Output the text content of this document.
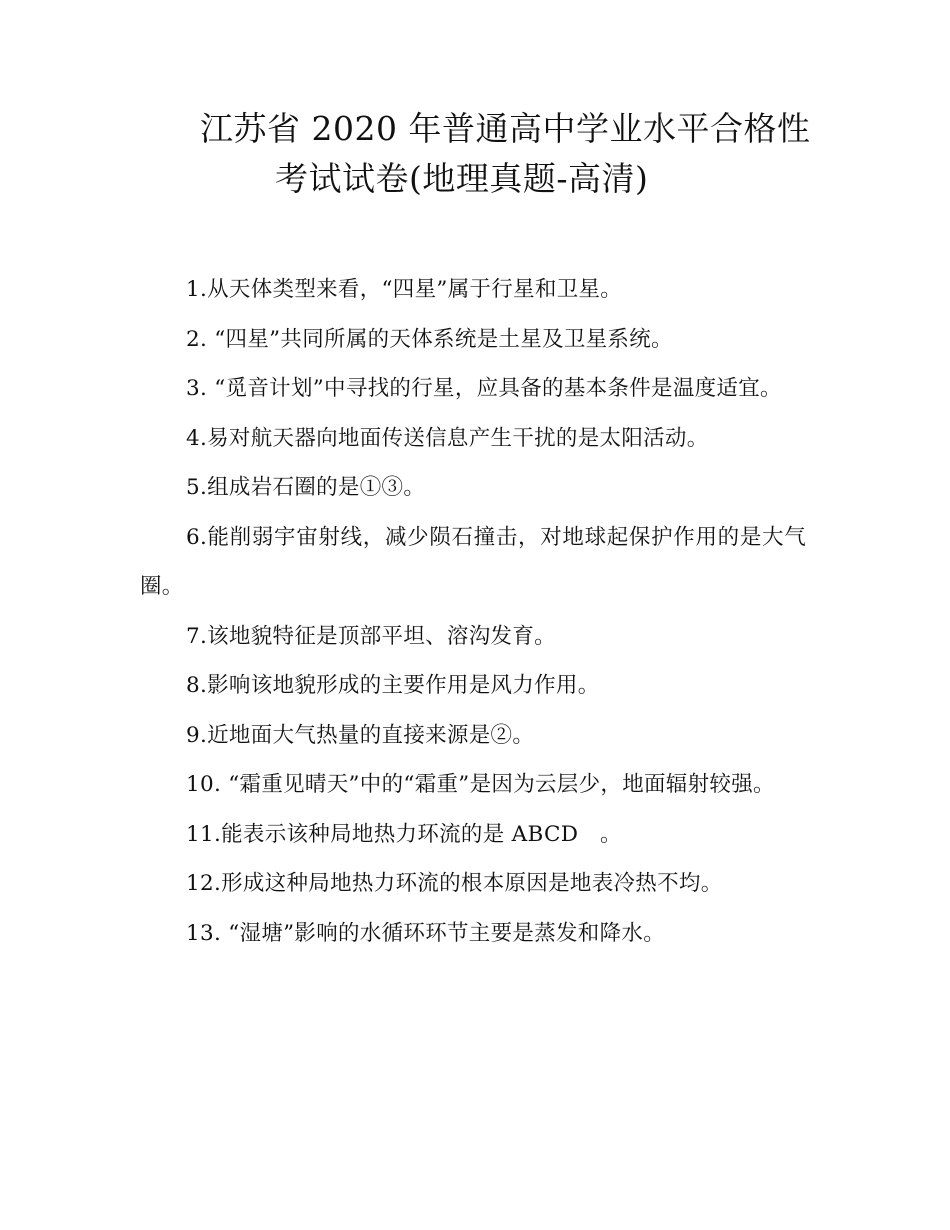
江苏省 2020 年普通高中学业水平合格性
考试试卷(地理真题-高清)

1.从天体类型来看，“四星”属于行星和卫星。

2. “四星”共同所属的天体系统是土星及卫星系统。

3. “觅音计划”中寻找的行星，应具备的基本条件是温度适宜。

4.易对航天器向地面传送信息产生干扰的是太阳活动。

5.组成岩石圈的是①③。

6.能削弱宇宙射线，减少陨石撞击，对地球起保护作用的是大气圈。

7.该地貌特征是顶部平坦、溶沟发育。

8.影响该地貌形成的主要作用是风力作用。

9.近地面大气热量的直接来源是②。

10. “霜重见晴天”中的“霜重”是因为云层少，地面辐射较强。

11.能表示该种局地热力环流的是 ABCD　。

12.形成这种局地热力环流的根本原因是地表冷热不均。

13. “湿塘”影响的水循环环节主要是蒸发和降水。
